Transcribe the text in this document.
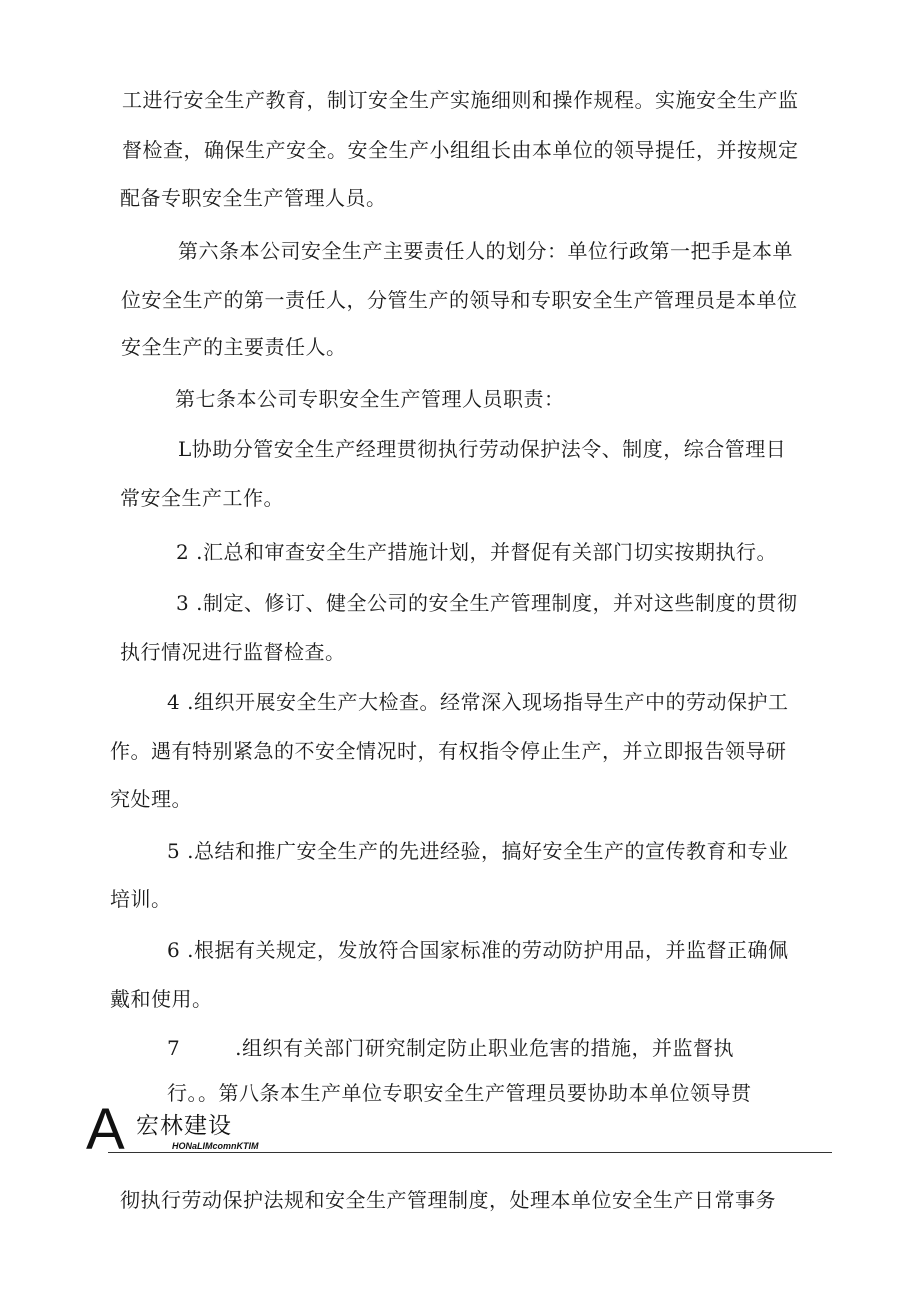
工进行安全生产教育，制订安全生产实施细则和操作规程。实施安全生产监
督检查，确保生产安全。安全生产小组组长由本单位的领导提任，并按规定
配备专职安全生产管理人员。
第六条本公司安全生产主要责任人的划分：单位行政第一把手是本单
位安全生产的第一责任人，分管生产的领导和专职安全生产管理员是本单位
安全生产的主要责任人。
第七条本公司专职安全生产管理人员职责：
L协助分管安全生产经理贯彻执行劳动保护法令、制度，综合管理日
常安全生产工作。
2 .汇总和审查安全生产措施计划，并督促有关部门切实按期执行。
3 .制定、修订、健全公司的安全生产管理制度，并对这些制度的贯彻
执行情况进行监督检查。
4 .组织开展安全生产大检查。经常深入现场指导生产中的劳动保护工
作。遇有特别紧急的不安全情况时，有权指令停止生产，并立即报告领导研
究处理。
5 .总结和推广安全生产的先进经验，搞好安全生产的宣传教育和专业
培训。
6 .根据有关规定，发放符合国家标准的劳动防护用品，并监督正确佩
戴和使用。
7        .组织有关部门研究制定防止职业危害的措施，并监督执
行。。第八条本生产单位专职安全生产管理员要协助本单位领导贯
A 宏林建设
HONaLIMcomnKTIM
彻执行劳动保护法规和安全生产管理制度，处理本单位安全生产日常事务
